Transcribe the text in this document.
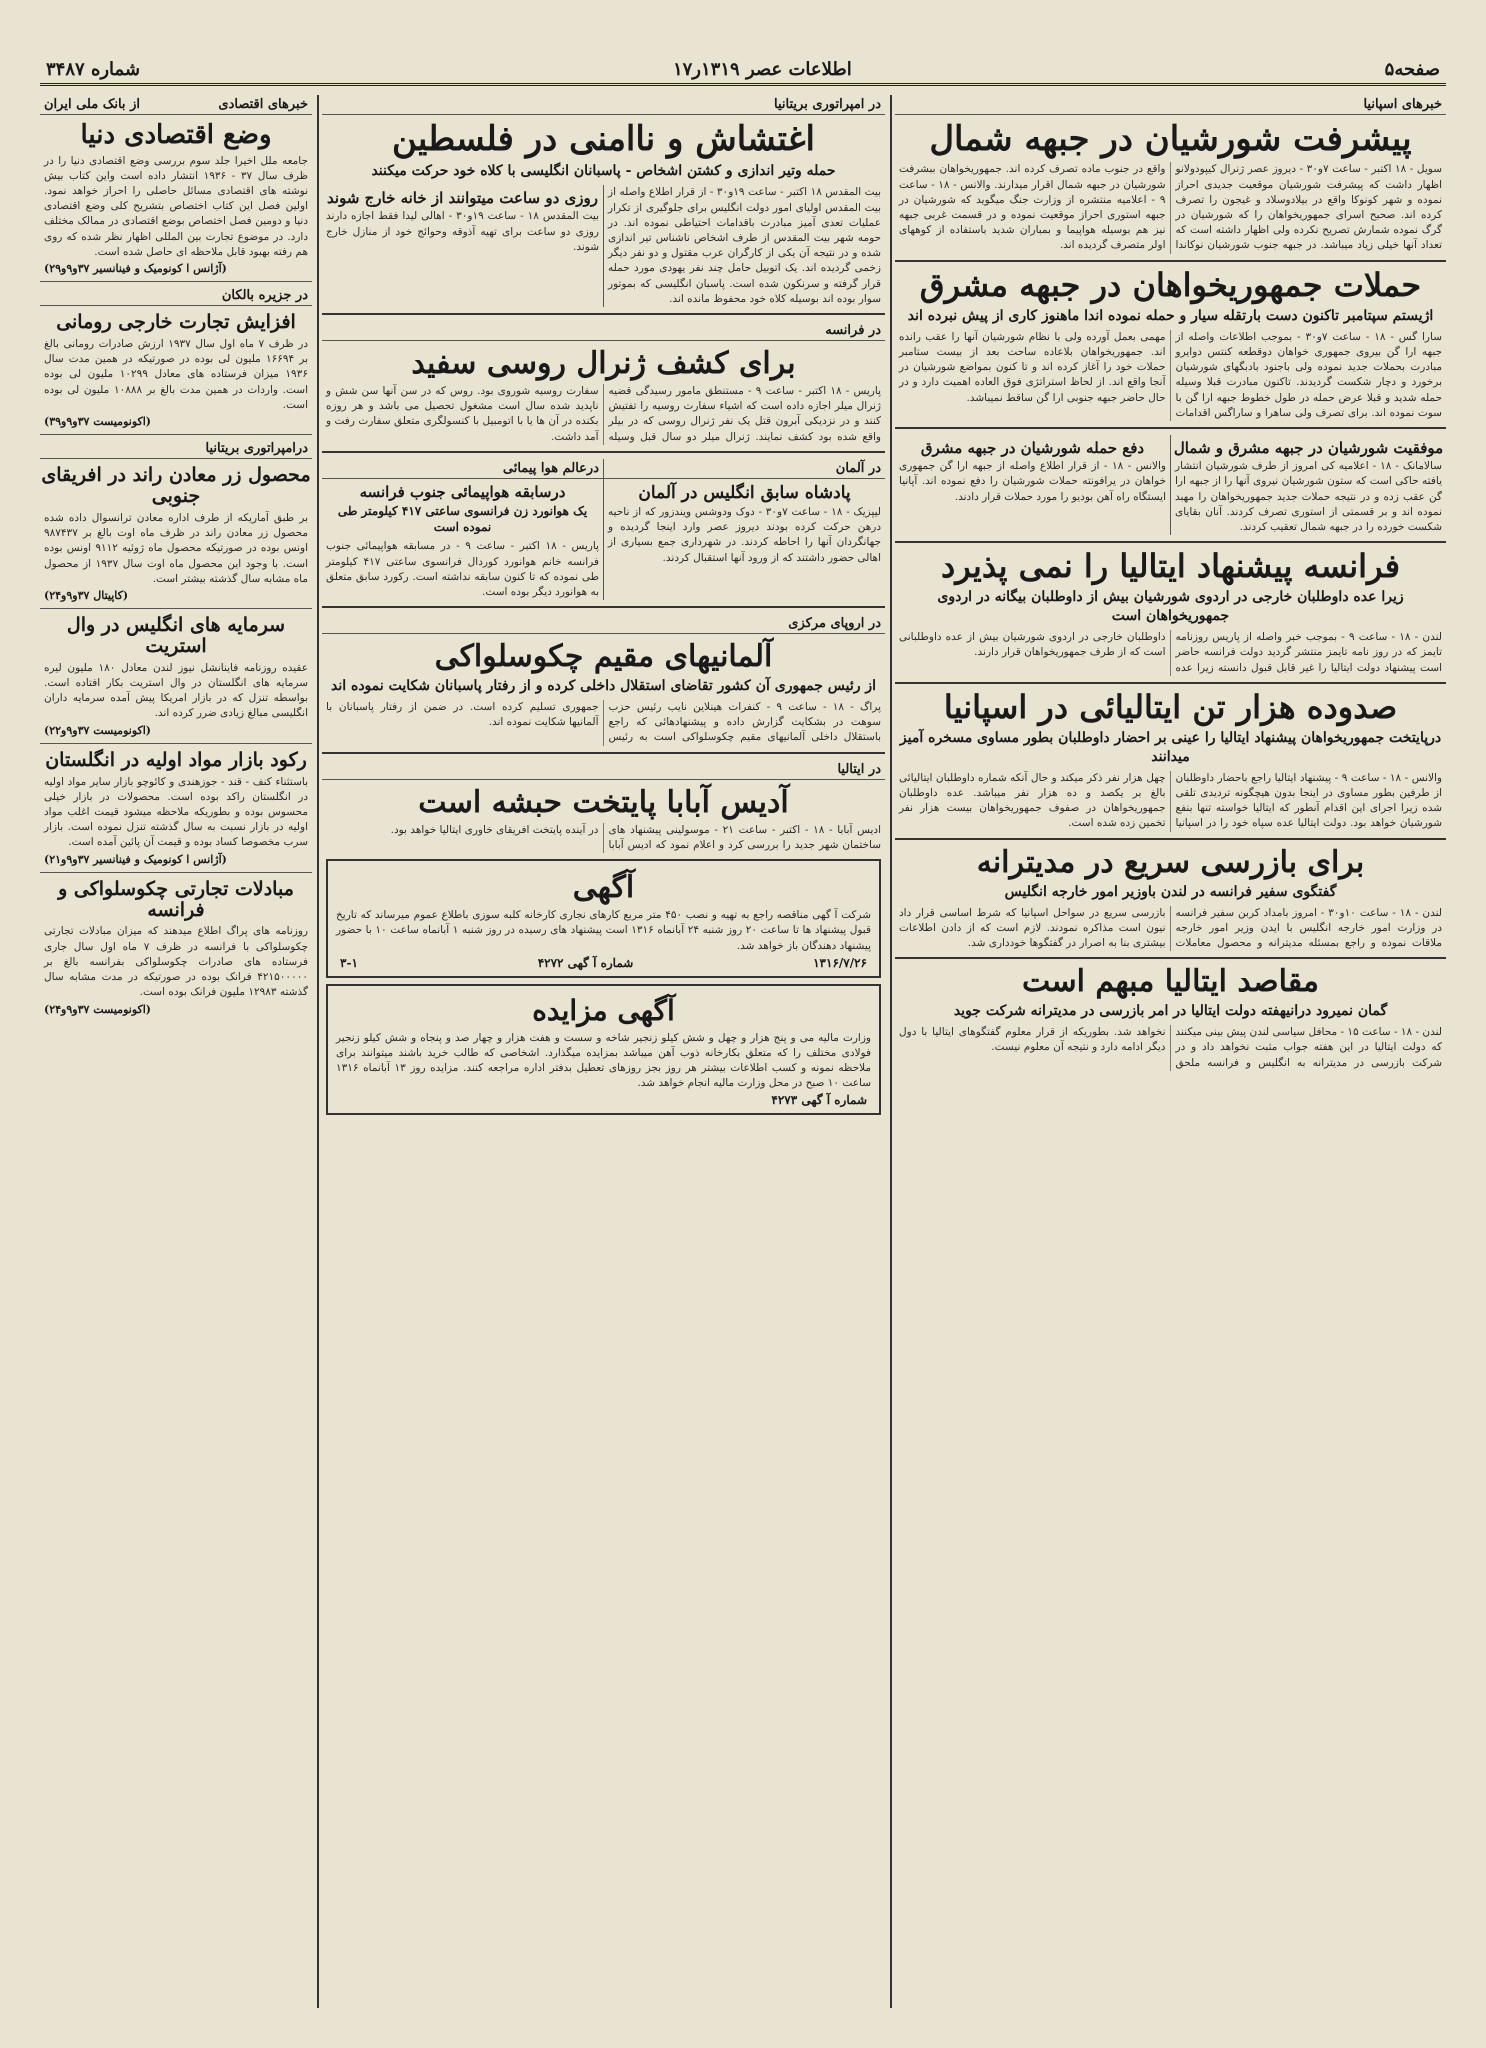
شماره ۳۴۸۷	اطلاعات عصر ۱۳۱۹ر۱۷	صفحه۵
خبرهای اسپانیا
پیشرفت شورشیان در جبهه شمال
سویل - ۱۸ اکتبر - ساعت ۷و۳۰ - دیروز عصر ژنرال کیپودولانو اظهار داشت که پیشرفت شورشیان موقعیت جدیدی احراز نموده و شهر کونوکا واقع در بیلادوسلاد و غیجون را تصرف کرده اند. صحبح اسرای جمهوریخواهان را که شورشیان در گرگ نموده شمارش تصریح نکرده ولی اظهار داشته است که تعداد آنها خیلی زیاد میباشد. در جبهه جنوب شورشیان نوکاندا واقع در جنوب ماده تصرف کرده اند. جمهوریخواهان ببشرفت شورشیان در جبهه شمال اقرار میدارند. والانس - ۱۸ - ساعت ۹ - اعلامیه منتشره از وزارت جنگ میگوید که شورشیان در جبهه استوری احراز موقعیت نموده و در قسمت غربی جبهه نیز هم بوسیله هواپیما و بمباران شدید باستفاده از کوههای اولر متصرف گردیده اند.
حملات جمهوریخواهان در جبهه مشرق
اژیستم سپتامبر تاکنون دست بارتقله سیار و حمله نموده اندا ماهنوز کاری از پیش نبرده اند
سارا گس - ۱۸ - ساعت ۷و۳۰ - بموجب اطلاعات واصله از جبهه ارا گن بیروی جمهوری خواهان دوقطعه کنتس دوایرو مبادرت بحملات جدید نموده ولی باجنود بادبگهای شورشیان برخورد و دچار شکست گردیدند. تاکنون مبادرت قبلا وسیله حمله شدید و قبلا عرض حمله در طول خطوط جبهه ارا گن با سوت نموده اند. برای تصرف ولی ساهرا و ساراگس اقدامات مهمی بعمل آورده ولی با نظام شورشیان آنها را عقب رانده اند. جمهوریخواهان بلاعاده ساحت بعد از بیست ستامبر حملات خود را آغاز کرده اند و تا کنون بمواضع شورشیان در آنجا واقع اند. از لحاظ استراتژی فوق العاده اهمیت دارد و در حال حاضر جبهه جنوبی ارا گن ساقط نمیباشد.
موفقیت شورشیان در جبهه مشرق و شمال
سالامانک - ۱۸ - اعلامیه کی امروز از طرف شورشیان انتشار یافته حاکی است که ستون شورشیان نیروی آنها را از جبهه ارا گن عقب زده و در نتیجه حملات جدید جمهوریخواهان را مهبد نموده اند و بر قسمتی از استوری تصرف کردند. آنان بقایای شکست خورده را در جبهه شمال تعقیب کردند.
دفع حمله شورشیان در جبهه مشرق
والانس - ۱۸ - از قرار اطلاع واصله از جبهه ارا گن جمهوری خواهان در یرافونته حملات شورشیان را دفع نموده اند. آپانیا ایستگاه راه آهن بودیو را مورد حملات قرار دادند.
فرانسه پیشنهاد ایتالیا را نمی پذیرد
زیرا عده داوطلبان خارجی در اردوی شورشیان بیش از داوطلبان بیگانه در اردوی جمهوریخواهان است
لندن - ۱۸ - ساعت ۹ - بموجب خبر واصله از پاریس روزنامه تایمز که در روز نامه تایمز منتشر گردید دولت فرانسه حاضر است پیشنهاد دولت ایتالیا را غیر قابل قبول دانسته زیرا عده داوطلبان خارجی در اردوی شورشیان بیش از عده داوطلبانی است که از طرف جمهوریخواهان قرار دارند.
صدوده هزار تن ایتالیائی در اسپانیا
درپایتخت جمهوریخواهان پیشنهاد ایتالیا را عینی بر احضار داوطلبان بطور مساوی مسخره آمیز میدانند
والانس - ۱۸ - ساعت ۹ - پیشنهاد ایتالیا راجع باحضار داوطلبان از طرفین بطور مساوی در اینجا بدون هیچگونه تردیدی تلقی شده زیرا اجرای این اقدام آنطور که ایتالیا خواسته تنها بنفع شورشیان خواهد بود. دولت ایتالیا عده سپاه خود را در اسپانیا چهل هزار نفر ذکر میکند و حال آنکه شماره داوطلبان ایتالیائی بالغ بر یکصد و ده هزار نفر میباشد. عده داوطلبان جمهوریخواهان در صفوف جمهوریخواهان بیست هزار نفر تخمین زده شده است.
برای بازرسی سریع در مدیترانه
گفتگوی سفیر فرانسه در لندن باوزیر امور خارجه انگلیس
لندن - ۱۸ - ساعت ۱۰و۳۰ - امروز بامداد کربن سفیر فرانسه در وزارت امور خارجه انگلیس با ایدن وزیر امور خارجه ملاقات نموده و راجع بمسئله مدیترانه و محصول معاملات بازرسی سریع در سواحل اسپانیا که شرط اساسی قرار داد نیون است مذاکره نمودند. لازم است که از دادن اطلاعات بیشتری بنا به اصرار در گفتگوها خودداری شد.
مقاصد ایتالیا مبهم است
گمان نمیرود درانیهفته دولت ایتالیا در امر بازرسی در مدیترانه شرکت جوید
لندن - ۱۸ - ساعت ۱۵ - محافل سیاسی لندن پیش بینی میکنند که دولت ایتالیا در این هفته جواب مثبت نخواهد داد و در شرکت بازرسی در مدیترانه به انگلیس و فرانسه ملحق نخواهد شد. بطوریکه از قرار معلوم گفتگوهای ایتالیا با دول دیگر ادامه دارد و نتیجه آن معلوم نیست.
در امپراتوری بریتانیا
اغتشاش و ناامنی در فلسطین
حمله وتیر اندازی و کشتن اشخاص - پاسبانان انگلیسی با کلاه خود حرکت میکنند
بیت المقدس ۱۸ اکتبر - ساعت ۱۹و۳۰ - از قرار اطلاع واصله از بیت المقدس اولیای امور دولت انگلیس برای جلوگیری از تکرار عملیات تعدی آمیز مبادرت باقدامات احتیاطی نموده اند. در حومه شهر بیت المقدس از طرف اشخاص ناشناس تیر اندازی شده و در نتیجه آن یکی از کارگران عرب مقتول و دو نفر دیگر زخمی گردیده اند. یک اتوبیل حامل چند نفر یهودی مورد حمله قرار گرفته و سرنکون شده است. پاسبان انگلیسی که بموتور سوار بوده اند بوسیله کلاه خود محفوظ مانده اند.
روزی دو ساعت میتوانند از خانه خارج شوند
بیت المقدس ۱۸ - ساعت ۱۹و۳۰ - اهالی لیدا فقط اجازه دارند روزی دو ساعت برای تهیه آذوقه وحوائج خود از منازل خارج شوند.
در فرانسه
برای کشف ژنرال روسی سفید
پاریس - ۱۸ اکتبر - ساعت ۹ - مستنطق مامور رسیدگی قضیه ژنرال میلر اجازه داده است که اشیاء سفارت روسیه را تفتیش کنند و در نزدیکی آبرون قتل یک نفر ژنرال روسی که در بیلر واقع شده بود کشف نمایند. ژنرال میلر دو سال قبل وسیله سفارت روسیه شوروی بود. روس که در سن آنها سن شش و ناپدید شده سال است مشغول تحصیل می باشد و هر روزه بکنده در آن ها یا با اتومبیل با کنسولگری متعلق سفارت رفت و آمد داشت.
در آلمان
پادشاه سابق انگلیس در آلمان
لیپزیک - ۱۸ - ساعت ۷و۳۰ - دوک ودوشس ویندزور که از ناحیه درهن حرکت کرده بودند دیروز عصر وارد اینجا گردیده و جهانگردان آنها را احاطه کردند. در شهرداری جمع بسیاری از اهالی حضور داشتند که از ورود آنها استقبال کردند.
درعالم هوا پیمائی
درسابقه هواپیمائی جنوب فرانسه
یک هوانورد زن فرانسوی ساعتی ۴۱۷ کیلومتر طی نموده است
پاریس - ۱۸ اکتبر - ساعت ۹ - در مسابقه هواپیمائی جنوب فرانسه خانم هوانورد کوردال فرانسوی ساعتی ۴۱۷ کیلومتر طی نموده که تا کنون سابقه نداشته است. رکورد سابق متعلق به هوانورد دیگر بوده است.
در اروپای مرکزی
آلمانیهای مقیم چکوسلواکی
از رئیس جمهوری آن کشور تقاضای استقلال داخلی کرده و از رفتار پاسبانان شکایت نموده اند
پراگ - ۱۸ - ساعت ۹ - کنفرات هینلاین نایب رئیس حزب سوهت در بشکایت گزارش داده و پیشنهادهائی که راجع باستقلال داخلی آلمانیهای مقیم چکوسلواکی است به رئیس جمهوری تسلیم کرده است. در ضمن از رفتار پاسبانان با آلمانیها شکایت نموده اند.
در ایتالیا
آدیس آبابا پایتخت حبشه است
ادیس آبابا - ۱۸ - اکتبر - ساعت ۲۱ - موسولینی پیشنهاد های ساختمان شهر جدید را بررسی کرد و اعلام نمود که ادیس آبابا در آینده پایتخت افریقای خاوری ایتالیا خواهد بود.
آگهی
شرکت آ گهی مناقصه راجع به تهیه و نصب ۴۵۰ متر مربع کارهای نجاری کارخانه کلبه سوزی باطلاع عموم میرساند که تاریخ قبول پیشنهاد ها تا ساعت ۲۰ روز شنبه ۲۴ آبانماه ۱۳۱۶ است پیشنهاد های رسیده در روز شنبه ۱ آبانماه ساعت ۱۰ با حضور پیشنهاد دهندگان باز خواهد شد.
۱۳۱۶/۷/۲۶
شماره آ گهی ۴۲۷۲
۳-۱
آگهی مزایده
وزارت مالیه می و پنج هزار و چهل و شش کیلو زنجیر شاخه و سست و هفت هزار و چهار صد و پنجاه و شش کیلو زنجیر فولادی مختلف را که متعلق بکارخانه ذوب آهن میباشد بمزایده میگذارد. اشخاصی که طالب خرید باشند میتوانند برای ملاحظه نمونه و کسب اطلاعات بیشتر هر روز بجز روزهای تعطیل بدفتر اداره مراجعه کنند. مزایده روز ۱۳ آبانماه ۱۳۱۶ ساعت ۱۰ صبح در محل وزارت مالیه انجام خواهد شد.
شماره آ گهی ۴۲۷۳
خبرهای اقتصادی
از بانک ملی ایران
وضع اقتصادی دنیا
جامعه ملل اخیرا جلد سوم بررسی وضع اقتصادی دنیا را در ظرف سال ۳۷ - ۱۹۳۶ انتشار داده است واین کتاب بیش نوشته های اقتصادی مسائل حاصلی را احراز خواهد نمود. اولین فصل این کتاب اختصاص بتشریح کلی وضع اقتصادی دنیا و دومین فصل اختصاص بوضع اقتصادی در ممالک مختلف دارد. در موضوع تجارت بین المللی اظهار نظر شده که روی هم رفته بهبود قابل ملاحظه ای حاصل شده است.
(آژانس ا کونومیک و فینانسیر ۳۷و۹و۲۹)
در جزیره بالکان
افزایش تجارت خارجی رومانی
در ظرف ۷ ماه اول سال ۱۹۳۷ ارزش صادرات رومانی بالغ بر ۱۶۶۹۴ ملیون لی بوده در صورتیکه در همین مدت سال ۱۹۳۶ میزان فرستاده های معادل ۱۰۲۹۹ ملیون لی بوده است. واردات در همین مدت بالغ بر ۱۰۸۸۸ ملیون لی بوده است.
(اکونومیست ۳۷و۹و۳۹)
درامپراتوری بریتانیا
محصول زر معادن راند در افریقای جنوبی
بر طبق آماریکه از طرف اداره معادن ترانسوال داده شده محصول زر معادن راند در ظرف ماه اوت بالغ بر ۹۸۷۴۳۷ اونس بوده در صورتیکه محصول ماه ژوئیه ۹۱۱۲ اونس بوده است. با وجود این محصول ماه اوت سال ۱۹۳۷ از محصول ماه مشابه سال گذشته بیشتر است.
(کاپیتال ۳۷و۹و۲۴)
سرمایه های انگلیس در وال استریت
عقیده روزنامه فاینانشل نیوز لندن معادل ۱۸۰ ملیون لیره سرمایه های انگلستان در وال استریت بکار افتاده است. بواسطه تنزل که در بازار امریکا پیش آمده سرمایه داران انگلیسی مبالغ زیادی ضرر کرده اند.
(اکونومیست ۳۷و۹و۲۲)
رکود بازار مواد اولیه در انگلستان
باستثناء کنف - قند - جوزهندی و کائوچو بازار سایر مواد اولیه در انگلستان راکد بوده است. محصولات در بازار خیلی محسوس بوده و بطوریکه ملاحظه میشود قیمت اغلب مواد اولیه در بازار نسبت به سال گذشته تنزل نموده است. بازار سرب مخصوصا کساد بوده و قیمت آن پائین آمده است.
(آژانس ا کونومیک و فینانسیر ۳۷و۹و۲۱)
مبادلات تجارتی چکوسلواکی و فرانسه
روزنامه های پراگ اطلاع میدهند که میزان مبادلات تجارتی چکوسلواکی با فرانسه در ظرف ۷ ماه اول سال جاری فرستاده های صادرات چکوسلواکی بفرانسه بالغ بر ۴۲۱۵۰۰۰۰۰ فرانک بوده در صورتیکه در مدت مشابه سال گذشته ۱۲۹۸۳ ملیون فرانک بوده است.
(اکونومیست ۳۷و۹و۲۴)
